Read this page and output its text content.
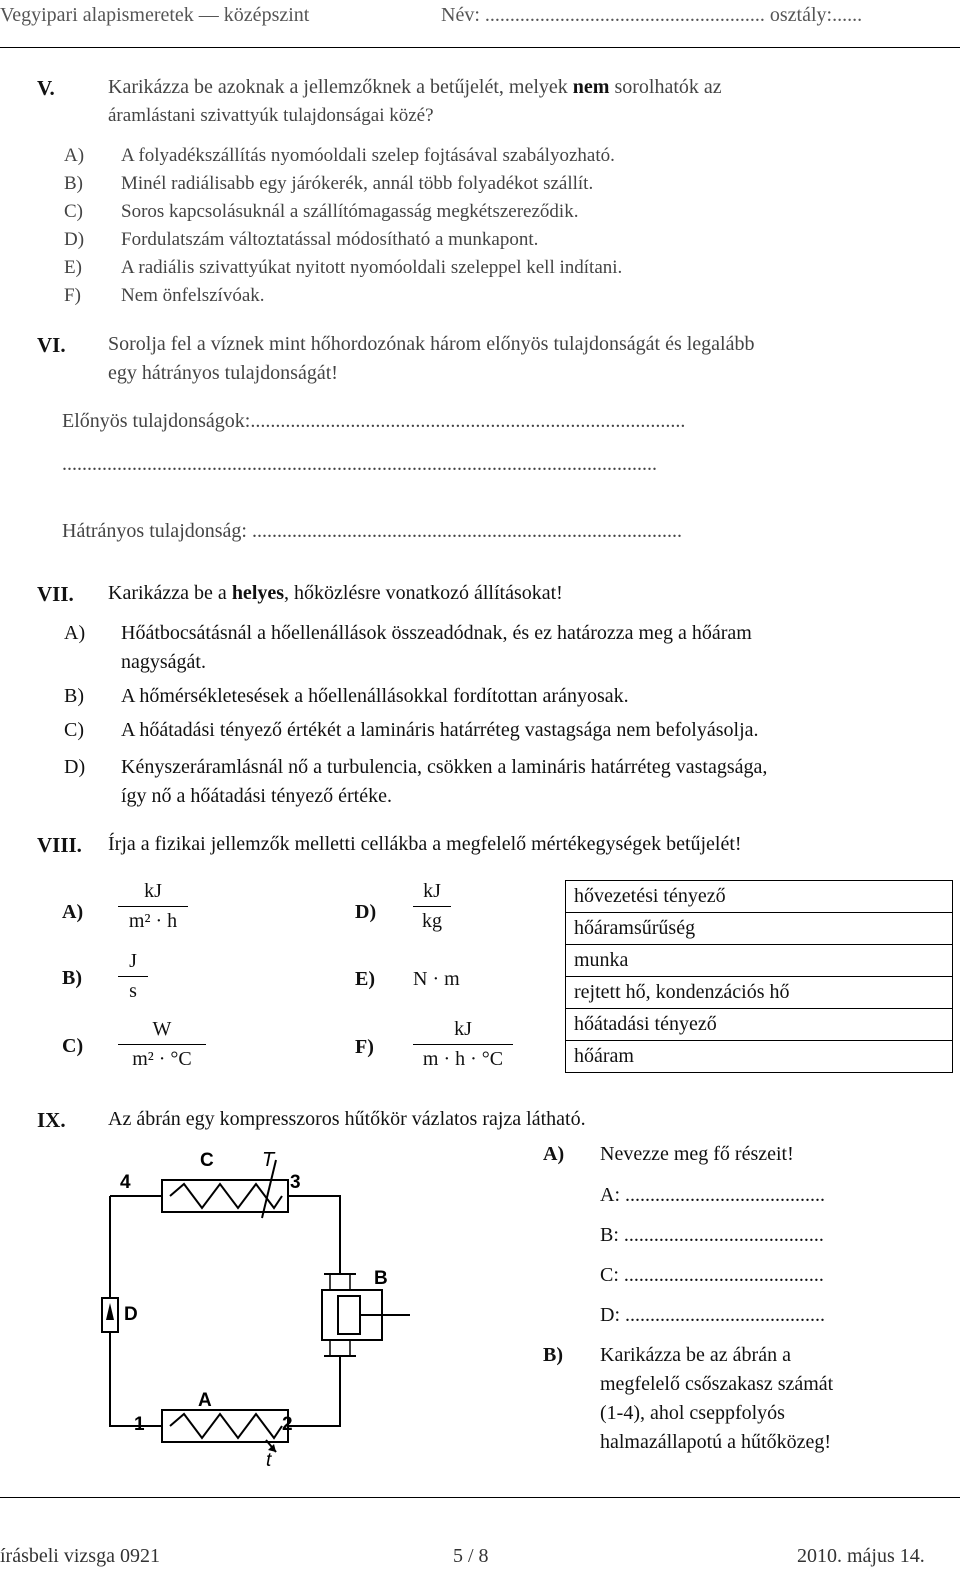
Vegyipari alapismeretek — középszint	Név: ........................................................ osztály:......
V.	Karikázza be azoknak a jellemzőknek a betűjelét, melyek nem sorolhatók az
áramlástani szivattyúk tulajdonságai közé?
A) A folyadékszállítás nyomóoldali szelep fojtásával szabályozható.
B) Minél radiálisabb egy járókerék, annál több folyadékot szállít.
C) Soros kapcsolásuknál a szállítómagasság megkétszereződik.
D) Fordulatszám változtatással módosítható a munkapont.
E) A radiális szivattyúkat nyitott nyomóoldali szeleppel kell indítani.
F) Nem önfelszívóak.
VI. Sorolja fel a víznek mint hőhordozónak három előnyös tulajdonságát és legalább
egy hátrányos tulajdonságát!
Előnyös tulajdonságok:.......................................................................................
.......................................................................................................................
Hátrányos tulajdonság: ......................................................................................
VII. Karikázza be a helyes, hőközlésre vonatkozó állításokat!
A) Hőátbocsátásnál a hőellenállások összeadódnak, és ez határozza meg a hőáram
nagyságát.
B) A hőmérsékletesések a hőellenállásokkal fordítottan arányosak.
C) A hőátadási tényező értékét a lamináris határréteg vastagsága nem befolyásolja.
D) Kényszeráramlásnál nő a turbulencia, csökken a lamináris határréteg vastagsága,
így nő a hőátadási tényező értéke.
VIII. Írja a fizikai jellemzők melletti cellákba a megfelelő mértékegységek betűjelét!
A)
kJ
m² · h
B)
J
s
C)
W
m² · °C
D)
kJ
kg
E) N · m
F)
kJ
m · h · °C
hővezetési tényező
hőáramsűrűség
munka
rejtett hő, kondenzációs hő
hőátadási tényező
hőáram
IX. Az ábrán egy kompresszoros hűtőkör vázlatos rajza látható.
C T
4	3
B
D
A
1	2
t
A) Nevezze meg fő részeit!
A: ........................................
B: ........................................
C: ........................................
D: ........................................
B) Karikázza be az ábrán a
megfelelő csőszakasz számát
(1-4), ahol cseppfolyós
halmazállapotú a hűtőközeg!
írásbeli vizsga 0921	5 / 8	2010. május 14.
